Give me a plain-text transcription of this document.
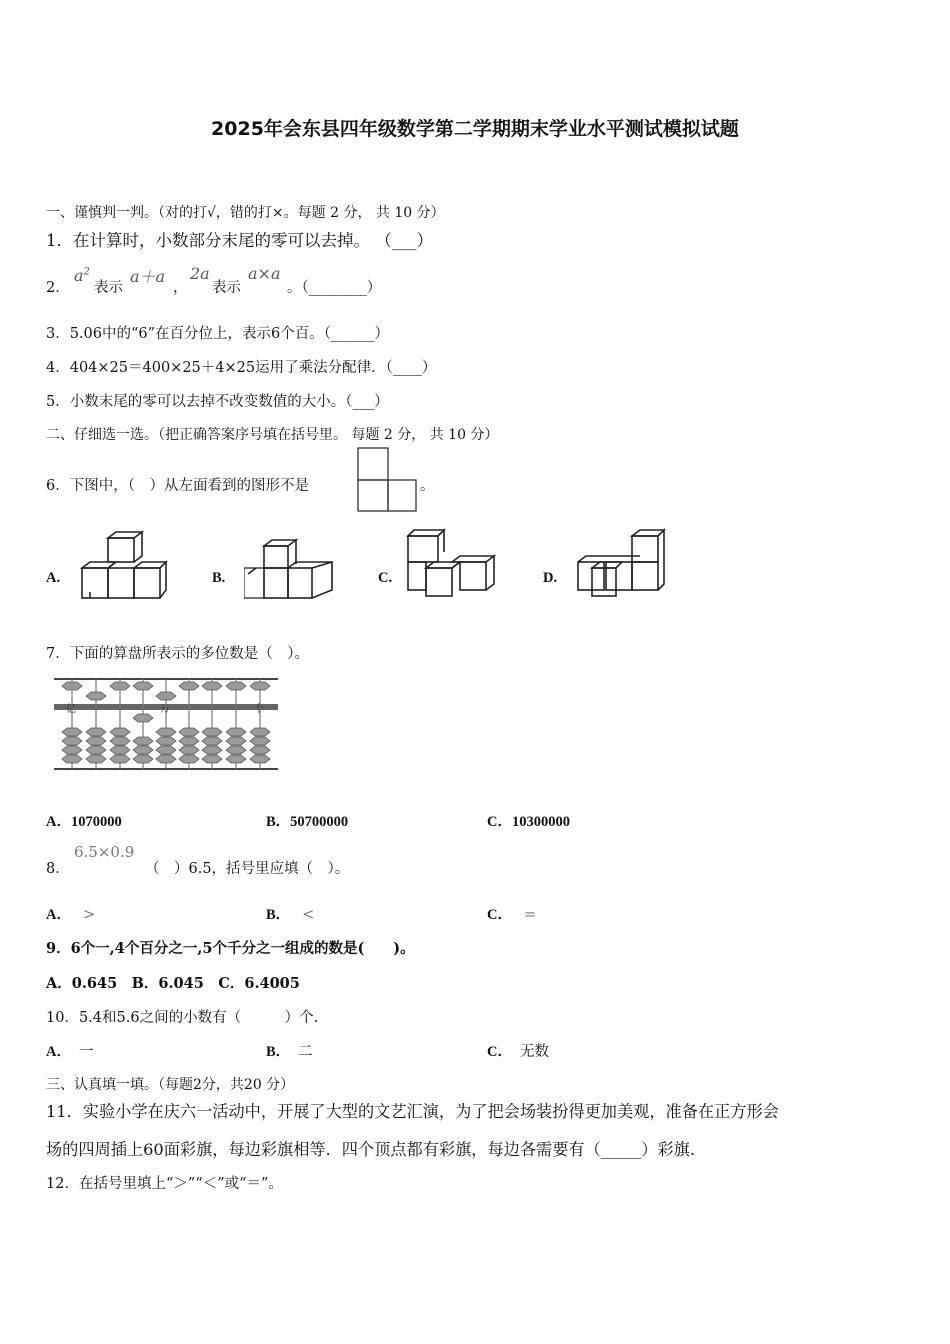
2025年会东县四年级数学第二学期期末学业水平测试模拟试题
一、谨慎判一判。（对的打√，错的打×。每题 2 分， 共 10 分）
1．在计算时，小数部分末尾的零可以去掉。 （___）
2．
$a^2$
表示
a＋a
，
2a
表示
a×a
。（________）
3．5.06中的“6”在百分位上，表示6个百。（______）
4．404×25＝400×25＋4×25运用了乘法分配律．（____）
5．小数末尾的零可以去掉不改变数值的大小。（___）
二、仔细选一选。（把正确答案序号填在括号里。 每题 2 分， 共 10 分）
6．下图中，（　）从左面看到的图形不是	。
A.	B.	C.	D.
7．下面的算盘所表示的多位数是（　）。
亿	万	个
A．1070000	B．50700000	C．10300000
8．
6.5×0.9
（　）6.5，括号里应填（　）。
A． >	B． <	C． =
9．6个一,4个百分之一,5个千分之一组成的数是(　　)。
A．0.645　B．6.045　C．6.4005
10．5.4和5.6之间的小数有（　　　）个.
A． 一	B． 二	C． 无数
三、认真填一填。（每题2分，共20 分）
11．实验小学在庆六一活动中，开展了大型的文艺汇演，为了把会场装扮得更加美观，准备在正方形会
场的四周插上60面彩旗，每边彩旗相等．四个顶点都有彩旗，每边各需要有（_____）彩旗.
12．在括号里填上“＞”“＜”或“＝”。
